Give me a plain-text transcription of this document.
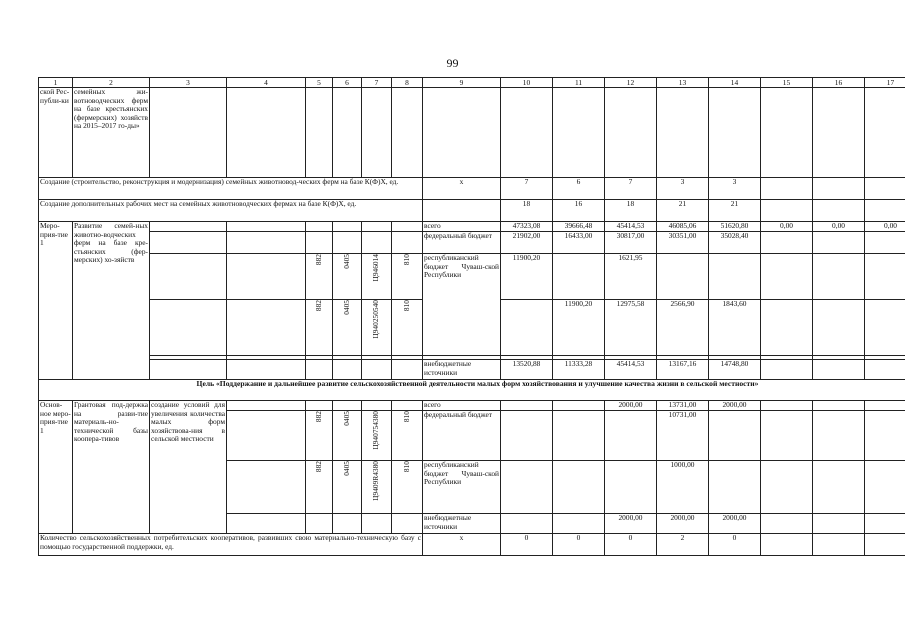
99
1	2	3	4	5	6	7	8	9	10	11	12	13	14	15	16	17
ской Рес-публи-ки	семейных жи-вотноводческих ферм на базе крестьянских (фермерских) хозяйств на 2015–2017 го-ды»															
Создание (строительство, реконструкция и модернизация) семейных животновод-ческих ферм на базе К(Ф)Х, ед.								х	7	6	7	3	3			
Создание дополнительных рабочих мест на семейных животноводческих фермах на базе К(Ф)Х, ед.									18	16	18	21	21			
Меро-прия-тие 1	Развитие семей-ных животно-водческих ферм на базе кре-стьянских (фер-мерских) хо-зяйств							всего	47323,08	39666,48	45414,53	46085,06	51620,80	0,00	0,00	0,00
								федеральный бюджет	21902,00	16433,00	30817,00	30351,00	35028,40			
				882	0405	Ц946014	810	республиканский бюджет Чуваш-ской Республики	11900,20		1621,95					
				882	0405	Ц940250540	810			11900,20	12975,58	2566,90	1843,60			

								внебюджетные источники	13520,88	11333,28	45414,53	13167,16	14748,80			
Цель «Поддержание и дальнейшее развитие сельскохозяйственной деятельности малых форм хозяйствования и улучшение качества жизни в сельской местности»																
Основ-ное меро-прия-тие 1	Грантовая под-держка на разви-тие материаль-но-технической базы коопера-тивов	создание условий для увеличения количества малых форм хозяйствова-ния в сельской местности						всего			2000,00	13731,00	2000,00			
				882	0405	Ц940754380	810	федеральный бюджет				10731,00				
				882	0405	Ц9409R4380	810	республиканский бюджет Чуваш-ской Республики				1000,00				
								внебюджетные источники			2000,00	2000,00	2000,00			
Количество сельскохозяйственных потребительских кооперативов, развивших свою материально-техническую базу с помощью государственной поддержки, ед.								х	0	0	0	2	0			
